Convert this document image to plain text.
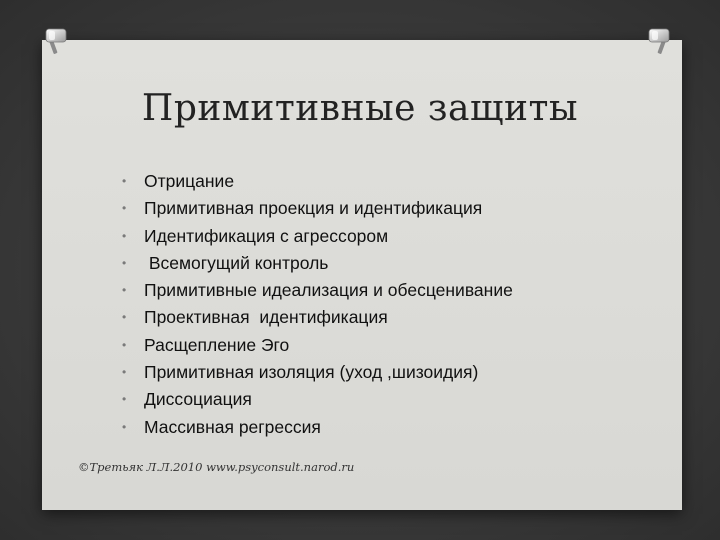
Примитивные защиты
•	Отрицание
•	Примитивная проекция и идентификация
•	Идентификация с агрессором
•	Всемогущий контроль
•	Примитивные идеализация и обесценивание
•	Проективная  идентификация
•	Расщепление Эго
•	Примитивная изоляция (уход ,шизоидия)
•	Диссоциация
•	Массивная регрессия
©Третьяк Л.Л.2010 www.psyconsult.narod.ru
